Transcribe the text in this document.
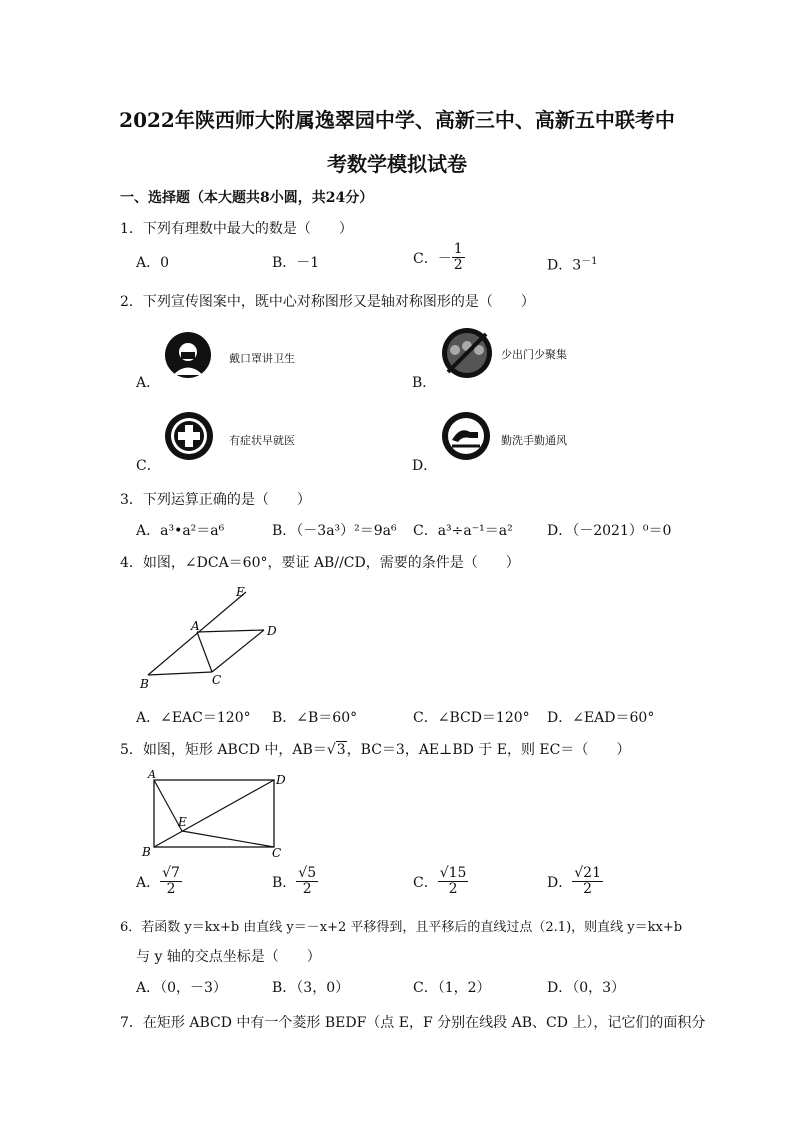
2022年陕西师大附属逸翠园中学、高新三中、高新五中联考中
考数学模拟试卷
一、选择题（本大题共8小圆，共24分）
1．下列有理数中最大的数是（　　）
A．0	B．－1	C．－ $\frac{1}{2}$	D．$3^{-1}$
2．下列宣传图案中，既中心对称图形又是轴对称图形的是（　　）
A．
戴口罩讲卫生
B．
少出门少聚集
C．
有症状早就医
D．
勤洗手勤通风
3．下列运算正确的是（　　）
A．a³•a²＝a⁶	B．（－3a³）²＝9a⁶ C．a³÷a⁻¹＝a² D．（－2021）⁰＝0
4．如图，∠DCA＝60°，要证 AB//CD，需要的条件是（　　）
E
A	D
B	C
A．∠EAC＝120° B．∠B＝60°	C．∠BCD＝120° D．∠EAD＝60°
5．如图，矩形 ABCD 中，AB＝√3，BC＝3，AE⊥BD 于 E，则 EC＝（　　）
A	D
E
B	C
A． $\frac{√7}{2}$	B． $\frac{√5}{2}$	C． $\frac{√15}{2}$	D． $\frac{√21}{2}$
6．若函数 y＝kx+b 由直线 y＝－x+2 平移得到，且平移后的直线过点（2.1)，则直线 y＝kx+b
与 y 轴的交点坐标是（　　）
A．（0，－3）	B．（3，0）	C．（1，2）	D．（0，3）
7．在矩形 ABCD 中有一个菱形 BEDF（点 E，F 分别在线段 AB、CD 上），记它们的面积分
